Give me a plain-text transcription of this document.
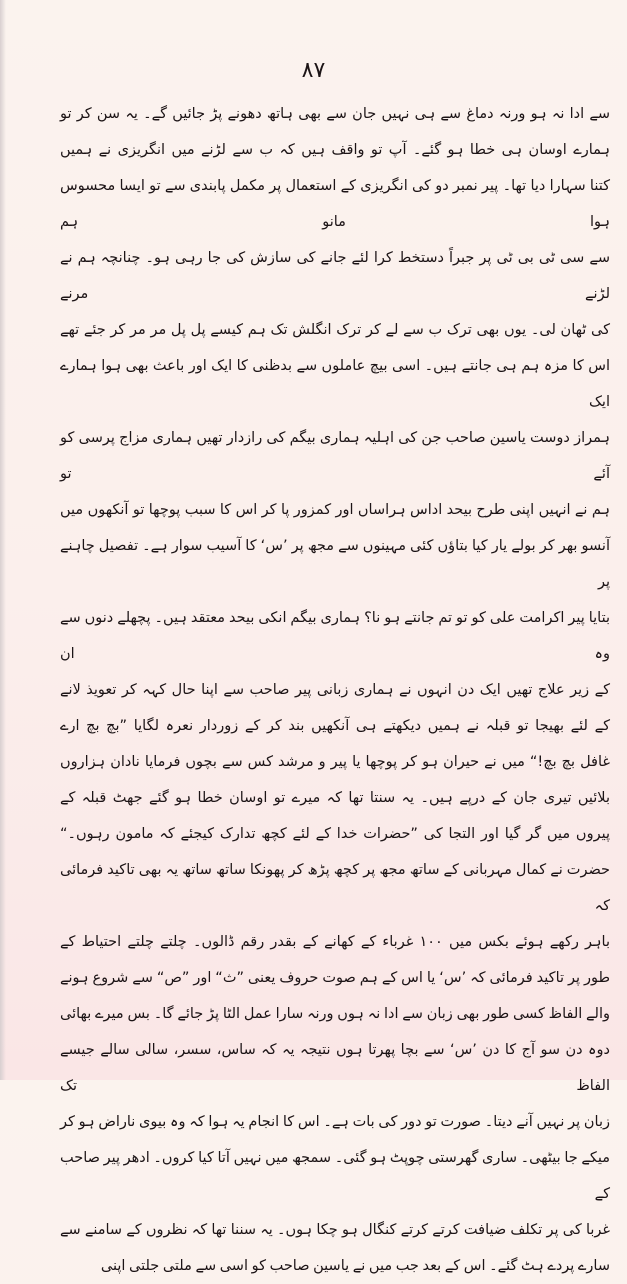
۸۷
سے ادا نہ ہو ورنہ دماغ سے ہی نہیں جان سے بھی ہاتھ دھونے پڑ جائیں گے۔ یہ سن کر تو
ہمارے اوسان ہی خطا ہو گئے۔ آپ تو واقف ہیں کہ ب سے لڑنے میں انگریزی نے ہمیں
کتنا سہارا دیا تھا۔ پیر نمبر دو کی انگریزی کے استعمال پر مکمل پابندی سے تو ایسا محسوس ہوا مانو ہم
سے سی ٹی بی ٹی پر جبراً دستخط کرا لئے جانے کی سازش کی جا رہی ہو۔ چنانچہ ہم نے لڑنے مرنے
کی ٹھان لی۔ یوں بھی ترک ب سے لے کر ترک انگلش تک ہم کیسے پل پل مر مر کر جئے تھے
اس کا مزہ ہم ہی جانتے ہیں۔ اسی بیچ عاملوں سے بدظنی کا ایک اور باعث بھی ہوا ہمارے ایک
ہمراز دوست یاسین صاحب جن کی اہلیہ ہماری بیگم کی رازدار تھیں ہماری مزاج پرسی کو آئے تو
ہم نے انہیں اپنی طرح بیحد اداس ہراساں اور کمزور پا کر اس کا سبب پوچھا تو آنکھوں میں
آنسو بھر کر بولے یار کیا بتاؤں کئی مہینوں سے مجھ پر ’س‘ کا آسیب سوار ہے۔ تفصیل چاہنے پر
بتایا پیر اکرامت علی کو تو تم جانتے ہو نا؟ ہماری بیگم انکی بیحد معتقد ہیں۔ پچھلے دنوں سے وہ ان
کے زیر علاج تھیں ایک دن انہوں نے ہماری زبانی پیر صاحب سے اپنا حال کہہ کر تعویذ لانے
کے لئے بھیجا تو قبلہ نے ہمیں دیکھتے ہی آنکھیں بند کر کے زوردار نعرہ لگایا ”بچ بچ ارے
غافل بچ بچ!“ میں نے حیران ہو کر پوچھا یا پیر و مرشد کس سے بچوں فرمایا نادان ہزاروں
بلائیں تیری جان کے درپے ہیں۔ یہ سنتا تھا کہ میرے تو اوسان خطا ہو گئے جھٹ قبلہ کے
پیروں میں گر گیا اور التجا کی ”حضرات خدا کے لئے کچھ تدارک کیجئے کہ مامون رہوں۔“
حضرت نے کمال مہربانی کے ساتھ مجھ پر کچھ پڑھ کر پھونکا ساتھ ساتھ یہ بھی تاکید فرمائی کہ
باہر رکھے ہوئے بکس میں ۱۰۰ غرباء کے کھانے کے بقدر رقم ڈالوں۔ چلتے چلتے احتیاط کے
طور پر تاکید فرمائی کہ ’س‘ یا اس کے ہم صوت حروف یعنی ”ث“ اور ”ص“ سے شروع ہونے
والے الفاظ کسی طور بھی زبان سے ادا نہ ہوں ورنہ سارا عمل الٹا پڑ جائے گا۔ بس میرے بھائی
دوہ دن سو آج کا دن ’س‘ سے بچا پھرتا ہوں نتیجہ یہ کہ ساس، سسر، سالی سالے جیسے الفاظ تک
زبان پر نہیں آنے دیتا۔ صورت تو دور کی بات ہے۔ اس کا انجام یہ ہوا کہ وہ بیوی ناراض ہو کر
میکے جا بیٹھی۔ ساری گھرستی چوپٹ ہو گئی۔ سمجھ میں نہیں آتا کیا کروں۔ ادھر پیر صاحب کے
غربا کی پر تکلف ضیافت کرتے کرتے کنگال ہو چکا ہوں۔ یہ سننا تھا کہ نظروں کے سامنے سے
سارے پردے ہٹ گئے۔ اس کے بعد جب میں نے یاسین صاحب کو اسی سے ملتی جلتی اپنی
